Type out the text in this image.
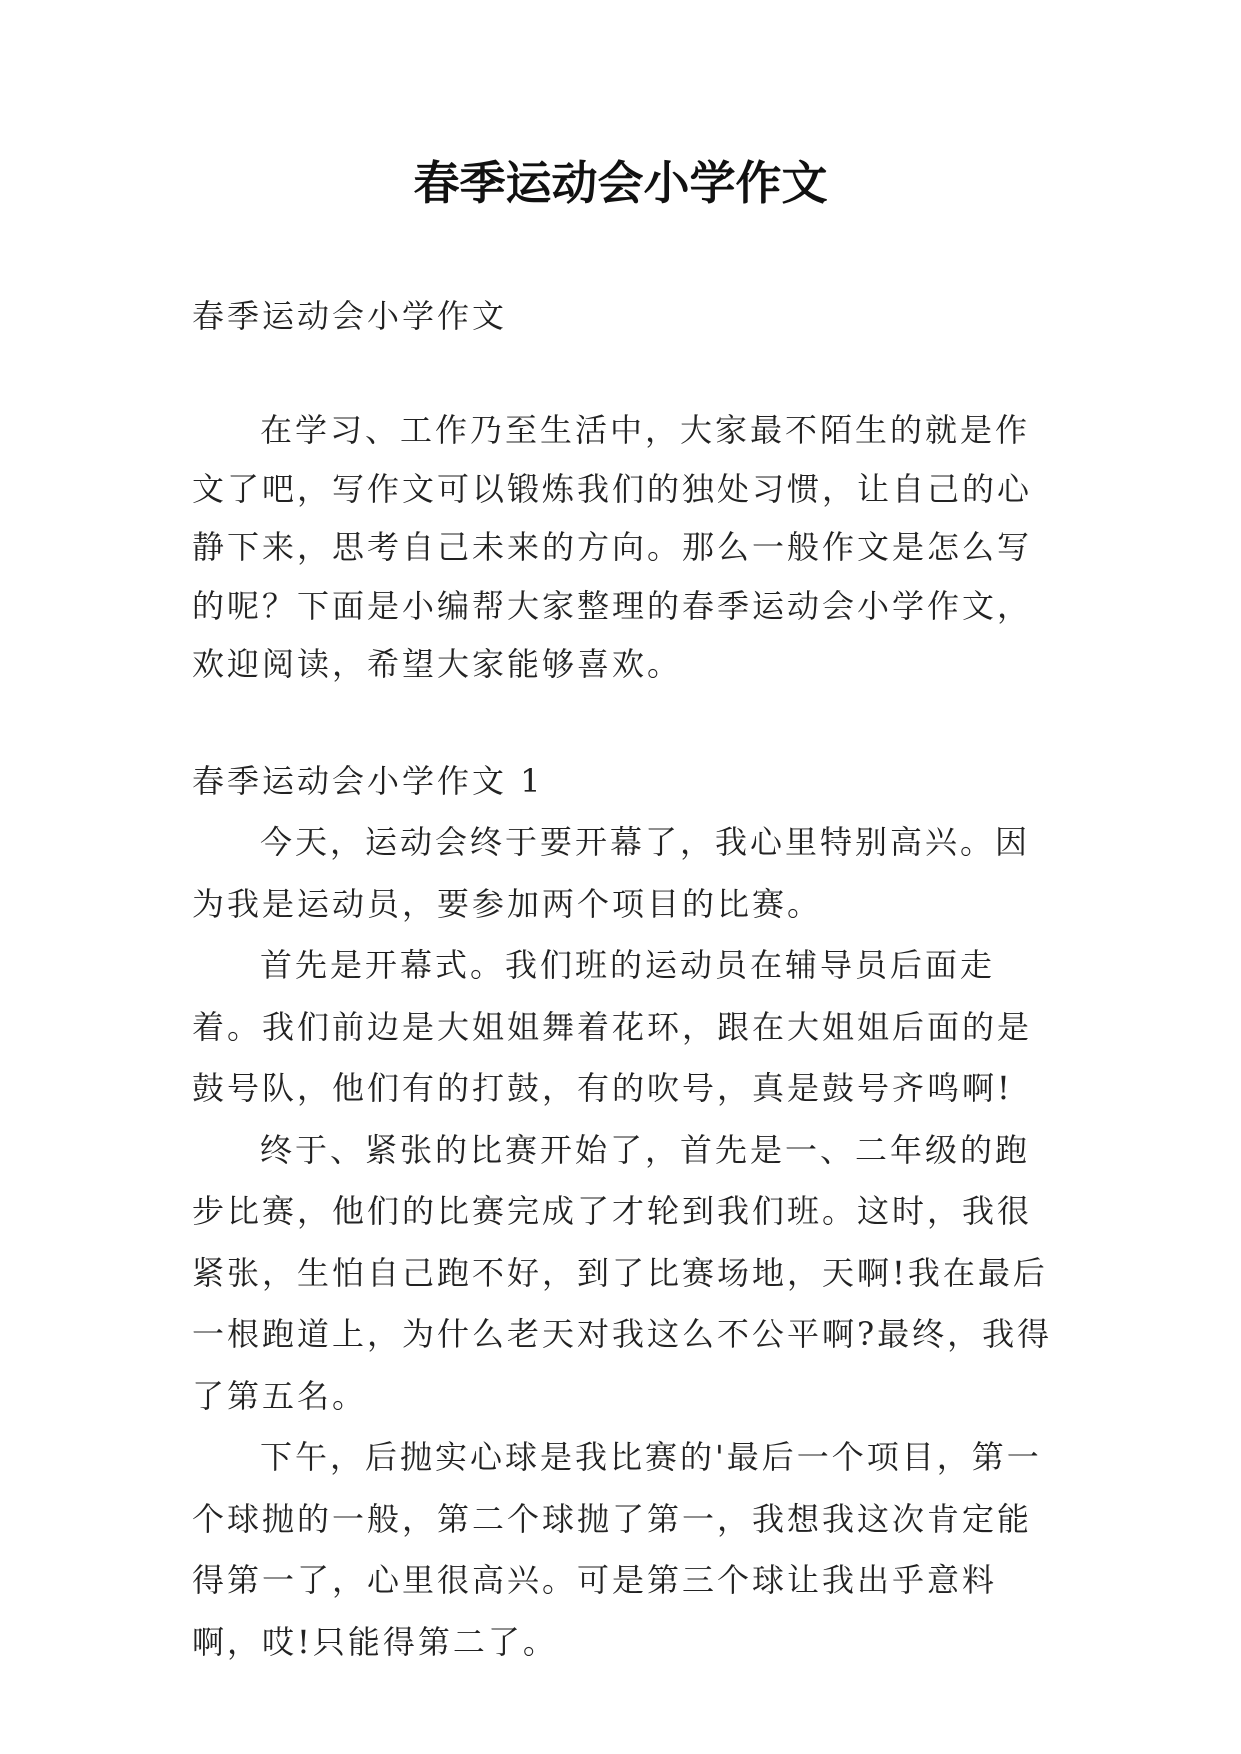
春季运动会小学作文

春季运动会小学作文

在学习、工作乃至生活中，大家最不陌生的就是作文了吧，写作文可以锻炼我们的独处习惯，让自己的心静下来，思考自己未来的方向。那么一般作文是怎么写的呢？下面是小编帮大家整理的春季运动会小学作文，欢迎阅读，希望大家能够喜欢。

春季运动会小学作文 1

今天，运动会终于要开幕了，我心里特别高兴。因为我是运动员，要参加两个项目的比赛。

首先是开幕式。我们班的运动员在辅导员后面走着。我们前边是大姐姐舞着花环，跟在大姐姐后面的是鼓号队，他们有的打鼓，有的吹号，真是鼓号齐鸣啊!

终于、紧张的比赛开始了，首先是一、二年级的跑步比赛，他们的比赛完成了才轮到我们班。这时，我很紧张，生怕自己跑不好，到了比赛场地，天啊!我在最后一根跑道上，为什么老天对我这么不公平啊?最终，我得了第五名。

下午，后抛实心球是我比赛的'最后一个项目，第一个球抛的一般，第二个球抛了第一，我想我这次肯定能得第一了，心里很高兴。可是第三个球让我出乎意料啊，哎!只能得第二了。
